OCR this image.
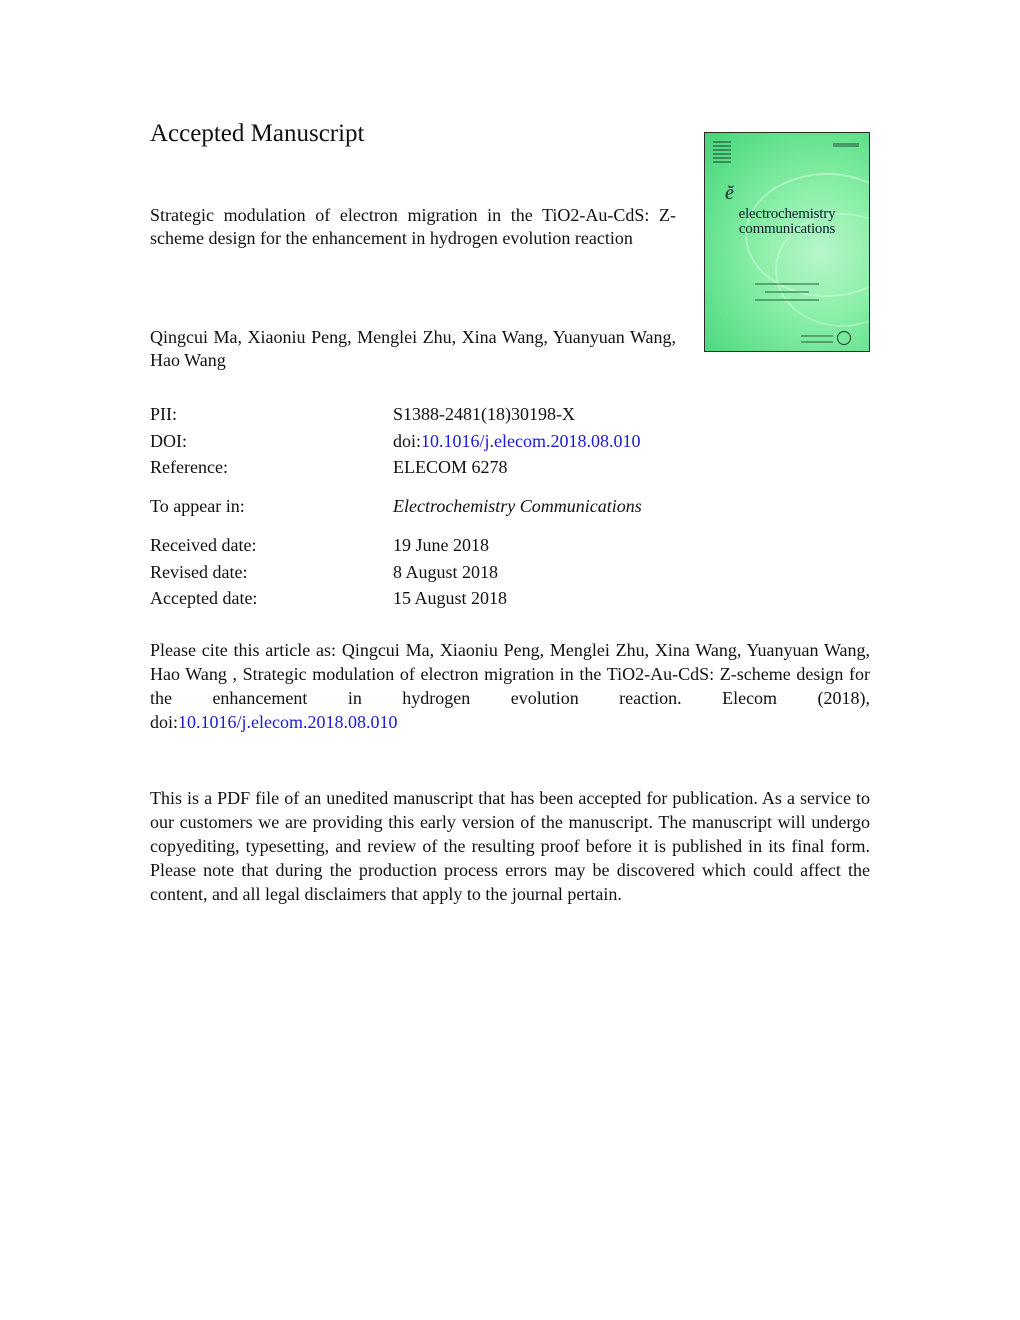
Accepted Manuscript
Strategic modulation of electron migration in the TiO2-Au-CdS: Z-scheme design for the enhancement in hydrogen evolution reaction
Qingcui Ma, Xiaoniu Peng, Menglei Zhu, Xina Wang, Yuanyuan Wang, Hao Wang
PII:	S1388-2481(18)30198-X
DOI:	doi:10.1016/j.elecom.2018.08.010
Reference:	ELECOM 6278
To appear in:	Electrochemistry Communications
Received date:	19 June 2018
Revised date:	8 August 2018
Accepted date:	15 August 2018
Please cite this article as: Qingcui Ma, Xiaoniu Peng, Menglei Zhu, Xina Wang, Yuanyuan Wang, Hao Wang , Strategic modulation of electron migration in the TiO2-Au-CdS: Z-scheme design for the enhancement in hydrogen evolution reaction. Elecom (2018), doi:10.1016/j.elecom.2018.08.010
This is a PDF file of an unedited manuscript that has been accepted for publication. As a service to our customers we are providing this early version of the manuscript. The manuscript will undergo copyediting, typesetting, and review of the resulting proof before it is published in its final form. Please note that during the production process errors may be discovered which could affect the content, and all legal disclaimers that apply to the journal pertain.
ĕ
electrochemistry
communications
